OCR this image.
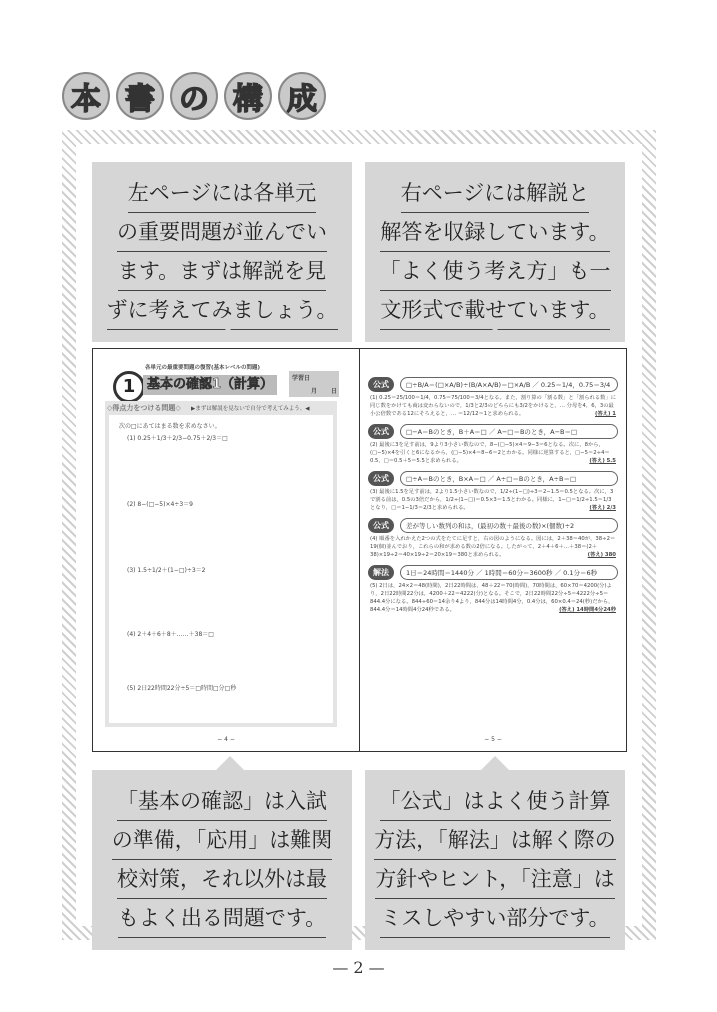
本 書 の 構 成
左ページには各単元
の重要問題が並んでい
ます。まずは解説を見
ずに考えてみましょう。
右ページには解説と
解答を収録しています。
「よく使う考え方」も一
文形式で載せています。
各単元の最重要問題の復習(基本レベルの問題)
1 基本の確認1（計算）	学習日
月 日
◇得点力をつける問題◇ ▶まずは解説を見ないで自分で考えてみよう。◀
次の□にあてはまる数を求めなさい。
(1) 0.25＋1/3＋2/3−0.75＋2/3＝□
(2) 8−(□−5)×4÷3＝9
(3) 1.5÷1/2＋(1−□)÷3＝2
(4) 2＋4＋6＋8＋……＋38＝□
(5) 2日22時間22分÷5＝□時間□分□秒
− 4 −
公式	□÷B/A＝(□×A/B)÷(B/A×A/B)＝□×A/B ／ 0.25＝1/4，0.75＝3/4

(1) 0.25＝25/100＝1/4，0.75＝75/100＝3/4となる。また，割り算の「割る数」と「割られる数」に同じ数をかけても商は変わらないので，1/3と2/3のどちらにも3/2をかけると，… 分母を4，6，3の最小公倍数である12にそろえると，… ＝12/12＝1と求められる。	(答え) 1

公式	□−A＝Bのとき，B＋A＝□ ／ A−□＝Bのとき，A−B＝□

(2) 最後に3を足す前は，9より3小さい数なので，8−(□−5)×4＝9−3＝6となる。次に，8から，(□−5)×4を引くと6になるから，(□−5)×4＝8−6＝2とわかる。同様に逆算すると，□−5＝2÷4＝0.5，□＝0.5＋5＝5.5と求められる。	(答え) 5.5

公式	□÷A＝Bのとき，B×A＝□ ／ A÷□＝Bのとき，A÷B＝□

(3) 最後に1.5を足す前は，2より1.5小さい数なので，1/2÷(1−□)÷3＝2−1.5＝0.5となる。次に，3で割る前は，0.5の3倍だから，1/2÷(1−□)＝0.5×3＝1.5とわかる。同様に，1−□＝1/2÷1.5＝1/3となり，□＝1−1/3＝2/3と求められる。	(答え) 2/3

公式	差が等しい数列の和は，(最初の数＋最後の数)×(個数)÷2

(4) 順番を入れかえた2つの式をたてに足すと，右の図のようになる。図には，2＋38＝40が，38÷2＝19(個)並んでおり，これらの和が求める数の2倍になる。したがって，2＋4＋6＋…＋38＝(2＋38)×19÷2＝40×19÷2＝20×19＝380と求められる。	(答え) 380

解法	1日＝24時間＝1440分 ／ 1時間＝60分＝3600秒 ／ 0.1分＝6秒

(5) 2日は，24×2＝48(時間)，2日22時間は，48＋22＝70(時間)，70時間は，60×70＝4200(分)より，2日22時間22分は，4200＋22＝4222(分)となる。そこで，2日22時間22分÷5＝4222分÷5＝844.4分になる。844÷60＝14余り4より，844分は14時間4分，0.4分は，60×0.4＝24(秒)だから，844.4分＝14時間4分24秒である。	(答え) 14時間4分24秒

− 5 −
「基本の確認」は入試
の準備，「応用」は難関
校対策，それ以外は最
もよく出る問題です。
「公式」はよく使う計算
方法，「解法」は解く際の
方針やヒント，「注意」は
ミスしやすい部分です。
— 2 —
